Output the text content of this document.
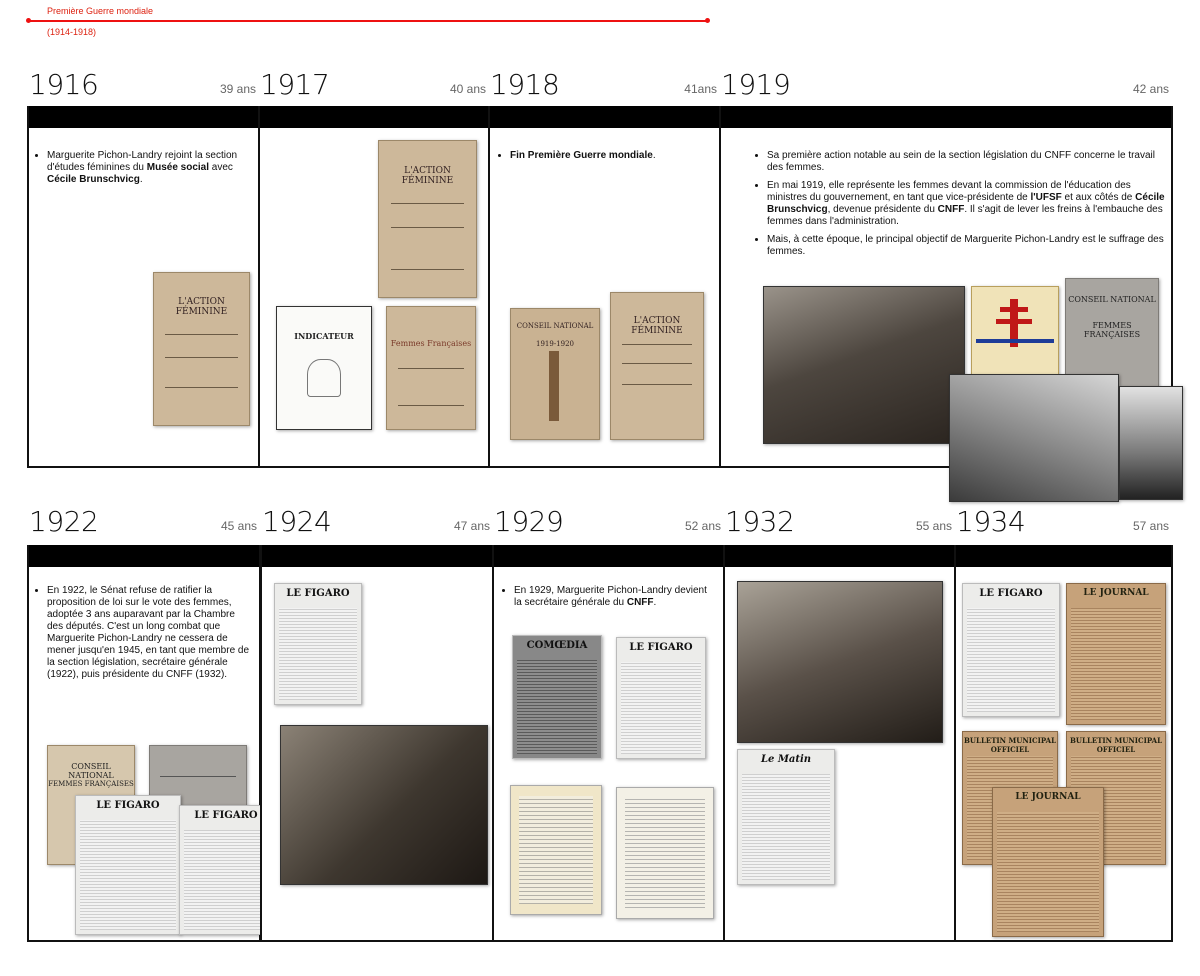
Première Guerre mondiale
(1914-1918)
1916	39 ans
• Marguerite Pichon-Landry rejoint la section d'études féminines du Musée social avec Cécile Brunschvicg.
L'ACTION FÉMININE
1917	40 ans
L'ACTION FÉMININE
INDICATEUR
Femmes Françaises
1918	41ans
• Fin Première Guerre mondiale.
CONSEIL NATIONAL
1919-1920
L'ACTION FÉMININE
1919	42 ans
• Sa première action notable au sein de la section législation du CNFF concerne le travail des femmes.
• En mai 1919, elle représente les femmes devant la commission de l'éducation des ministres du gouvernement, en tant que vice-présidente de l'UFSF et aux côtés de Cécile Brunschvicg, devenue présidente du CNFF. Il s'agit de lever les freins à l'embauche des femmes dans l'administration.
• Mais, à cette époque, le principal objectif de Marguerite Pichon-Landry est le suffrage des femmes.
CONSEIL NATIONAL
FEMMES FRANÇAISES
1922	45 ans
• En 1922, le Sénat refuse de ratifier la proposition de loi sur le vote des femmes, adoptée 3 ans auparavant par la Chambre des députés. C'est un long combat que Marguerite Pichon-Landry ne cessera de mener jusqu'en 1945, en tant que membre de la section législation, secrétaire générale (1922), puis présidente du CNFF (1932).
CONSEIL NATIONAL
FEMMES FRANÇAISES
LE FIGARO
LE FIGARO
1924	47 ans
LE FIGARO
1929	52 ans
• En 1929, Marguerite Pichon-Landry devient la secrétaire générale du CNFF.
COMŒDIA	LE FIGARO
1932	55 ans
Le Matin
1934	57 ans
LE FIGARO	LE JOURNAL
BULLETIN MUNICIPAL OFFICIEL
BULLETIN MUNICIPAL OFFICIEL
LE JOURNAL
